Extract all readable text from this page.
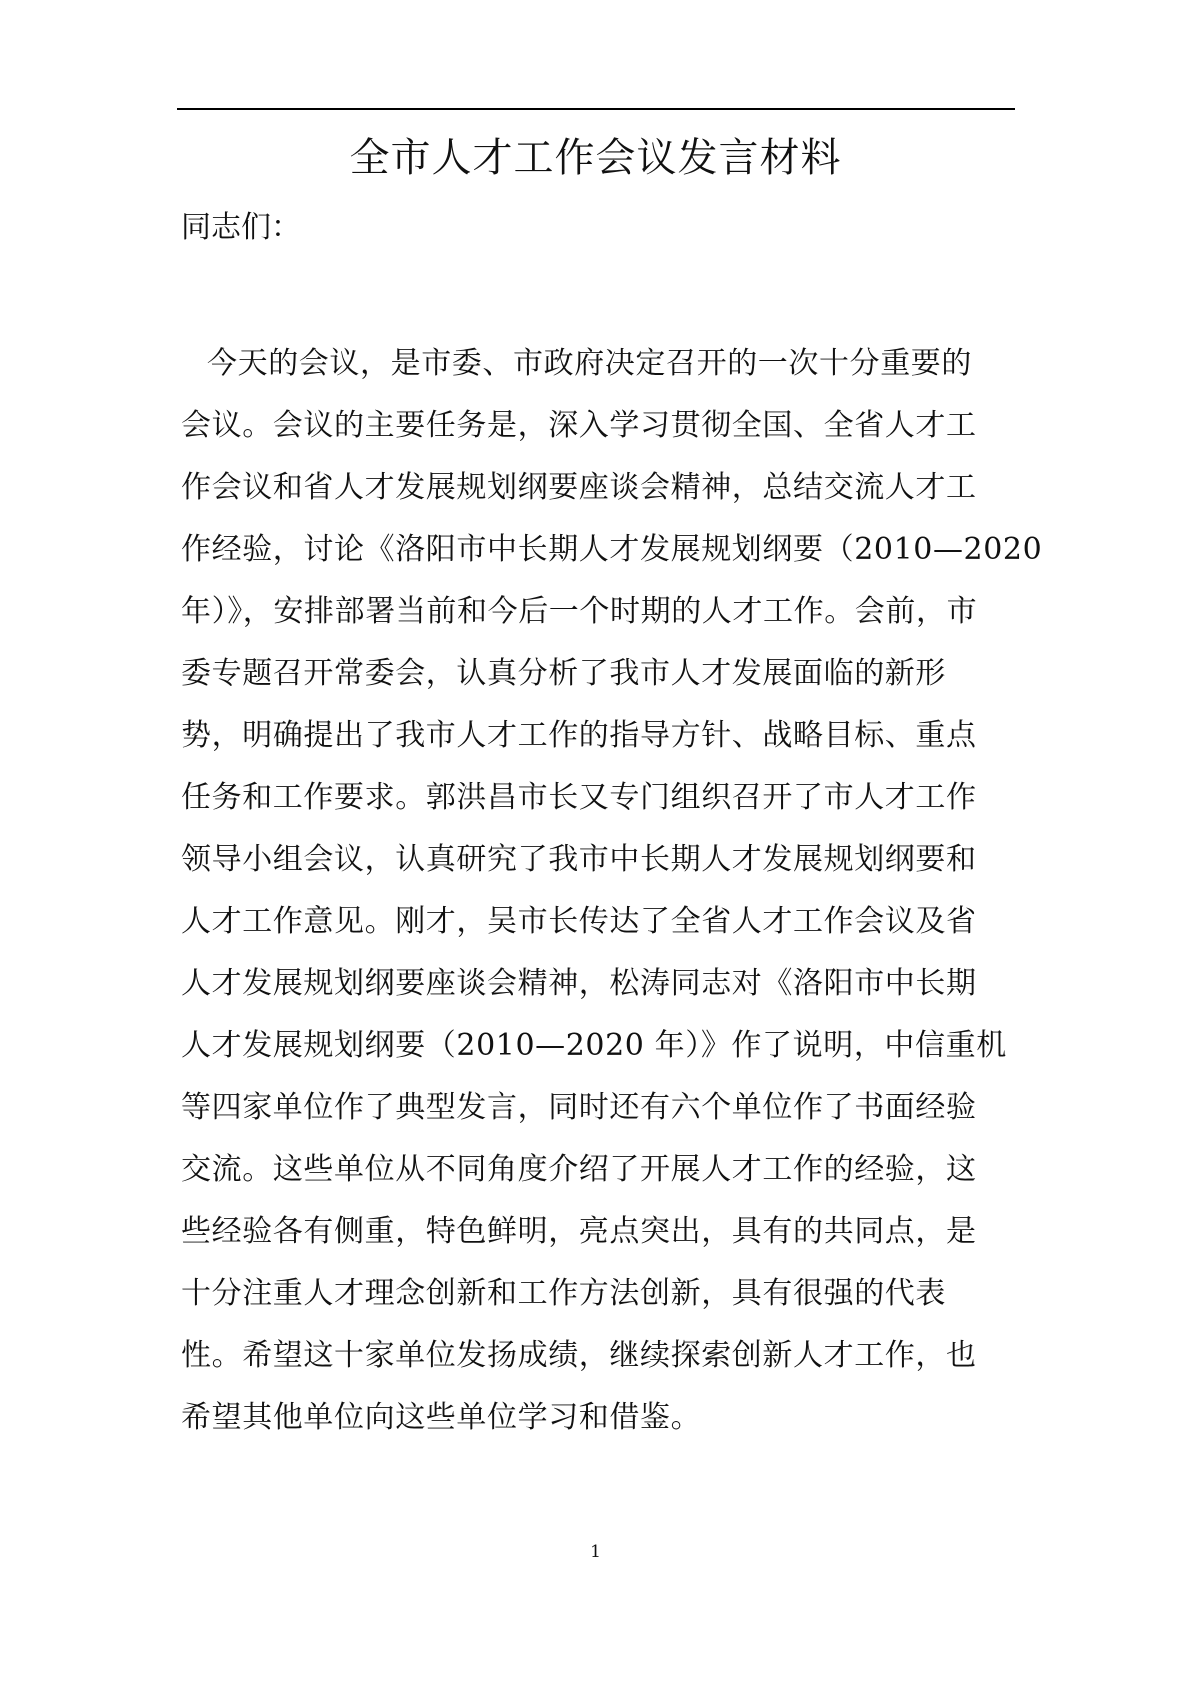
全市人才工作会议发言材料
同志们：
今天的会议，是市委、市政府决定召开的一次十分重要的
会议。会议的主要任务是，深入学习贯彻全国、全省人才工
作会议和省人才发展规划纲要座谈会精神，总结交流人才工
作经验，讨论《洛阳市中长期人才发展规划纲要（2010—2020
年）》，安排部署当前和今后一个时期的人才工作。会前，市
委专题召开常委会，认真分析了我市人才发展面临的新形
势，明确提出了我市人才工作的指导方针、战略目标、重点
任务和工作要求。郭洪昌市长又专门组织召开了市人才工作
领导小组会议，认真研究了我市中长期人才发展规划纲要和
人才工作意见。刚才，吴市长传达了全省人才工作会议及省
人才发展规划纲要座谈会精神，松涛同志对《洛阳市中长期
人才发展规划纲要（2010—2020 年）》作了说明，中信重机
等四家单位作了典型发言，同时还有六个单位作了书面经验
交流。这些单位从不同角度介绍了开展人才工作的经验，这
些经验各有侧重，特色鲜明，亮点突出，具有的共同点，是
十分注重人才理念创新和工作方法创新，具有很强的代表
性。希望这十家单位发扬成绩，继续探索创新人才工作，也
希望其他单位向这些单位学习和借鉴。
1
